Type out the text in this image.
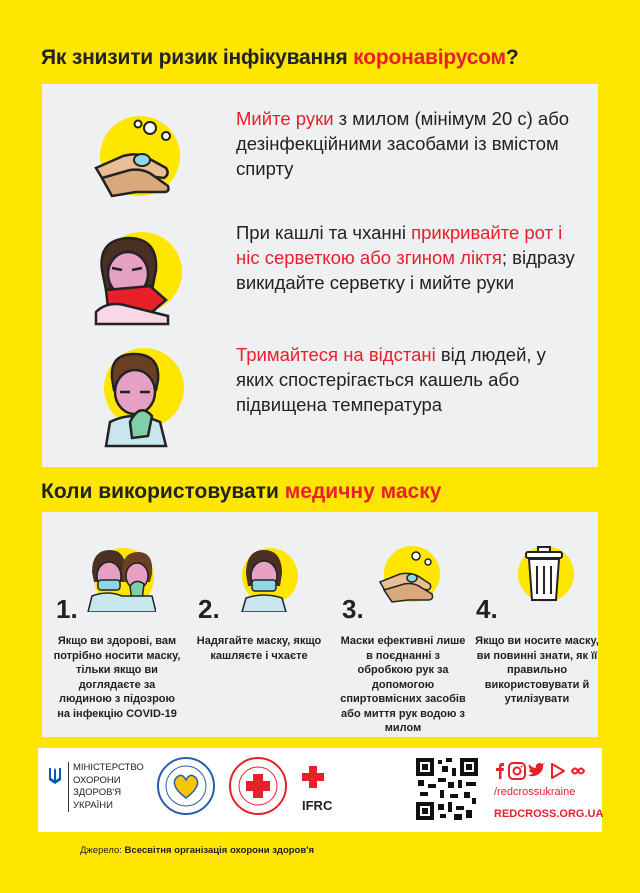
Як знизити ризик інфікування коронавірусом?
Мийте руки з милом (мінімум 20 с) або дезінфекційними засобами із вмістом спирту
При кашлі та чханні прикривайте рот і ніс серветкою або згином ліктя; відразу викидайте серветку і мийте руки
Тримайтеся на відстані від людей, у яких спостерігається кашель або підвищена температура
Коли використовувати медичну маску
1.
Якщо ви здорові, вам потрібно носити маску, тільки якщо ви доглядаєте за людиною з підозрою на інфекцію COVID-19
2.
Надягайте маску, якщо кашляєте і чхаєте
3.
Маски ефективні лише в поєднанні з обробкою рук за допомогою спиртовмісних засобів або миття рук водою з милом
4.
Якщо ви носите маску, ви повинні знати, як її правильно використовувати й утилізувати
МІНІСТЕРСТВО
ОХОРОНИ
ЗДОРОВ'Я
УКРАЇНИ	IFRC
/redcrossukraine
REDCROSS.ORG.UA
Джерело: Всесвітня організація охорони здоров'я
